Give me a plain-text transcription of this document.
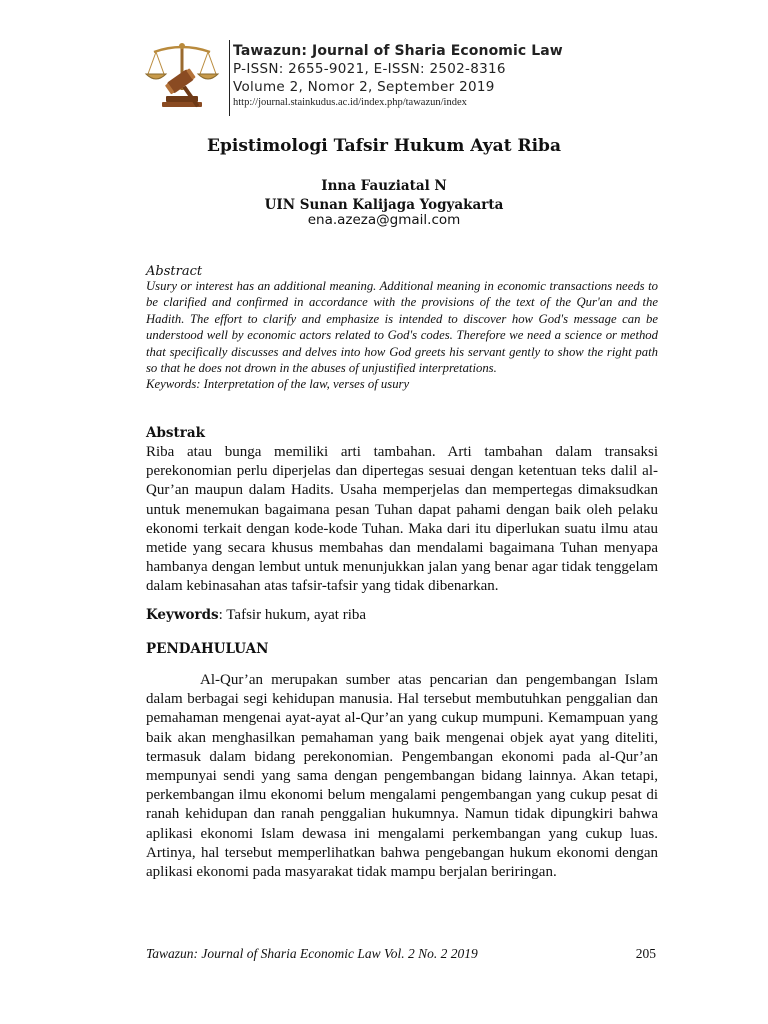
Tawazun: Journal of Sharia Economic Law
P-ISSN: 2655-9021, E-ISSN: 2502-8316
Volume 2, Nomor 2, September 2019
http://journal.stainkudus.ac.id/index.php/tawazun/index
Epistimologi Tafsir Hukum Ayat Riba
Inna Fauziatal N
UIN Sunan Kalijaga Yogyakarta
ena.azeza@gmail.com
Abstract
Usury or interest has an additional meaning. Additional meaning in economic transactions needs to be clarified and confirmed in accordance with the provisions of the text of the Qur'an and the Hadith. The effort to clarify and emphasize is intended to discover how God's message can be understood well by economic actors related to God's codes. Therefore we need a science or method that specifically discusses and delves into how God greets his servant gently to show the right path so that he does not drown in the abuses of unjustified interpretations.
Keywords: Interpretation of the law, verses of usury
Abstrak
Riba atau bunga memiliki arti tambahan. Arti tambahan dalam transaksi perekonomian perlu diperjelas dan dipertegas sesuai dengan ketentuan teks dalil al-Qur’an maupun dalam Hadits. Usaha memperjelas dan mempertegas dimaksudkan untuk menemukan bagaimana pesan Tuhan dapat pahami dengan baik oleh pelaku ekonomi terkait dengan kode-kode Tuhan. Maka dari itu diperlukan suatu ilmu atau metide yang secara khusus membahas dan mendalami bagaimana Tuhan menyapa hambanya dengan lembut untuk menunjukkan jalan yang benar agar tidak tenggelam dalam kebinasahan atas tafsir-tafsir yang tidak dibenarkan.
Keywords: Tafsir hukum, ayat riba
PENDAHULUAN
Al-Qur’an merupakan sumber atas pencarian dan pengembangan Islam dalam berbagai segi kehidupan manusia. Hal tersebut membutuhkan penggalian dan pemahaman mengenai ayat-ayat al-Qur’an yang cukup mumpuni. Kemampuan yang baik akan menghasilkan pemahaman yang baik mengenai objek ayat yang diteliti, termasuk dalam bidang perekonomian. Pengembangan ekonomi pada al-Qur’an mempunyai sendi yang sama dengan pengembangan bidang lainnya. Akan tetapi, perkembangan ilmu ekonomi belum mengalami pengembangan yang cukup pesat di ranah kehidupan dan ranah penggalian hukumnya. Namun tidak dipungkiri bahwa aplikasi ekonomi Islam dewasa ini mengalami perkembangan yang cukup luas. Artinya, hal tersebut memperlihatkan bahwa pengebangan hukum ekonomi dengan aplikasi ekonomi pada masyarakat tidak mampu berjalan beriringan.
Tawazun: Journal of Sharia Economic Law Vol. 2 No. 2 2019	205
